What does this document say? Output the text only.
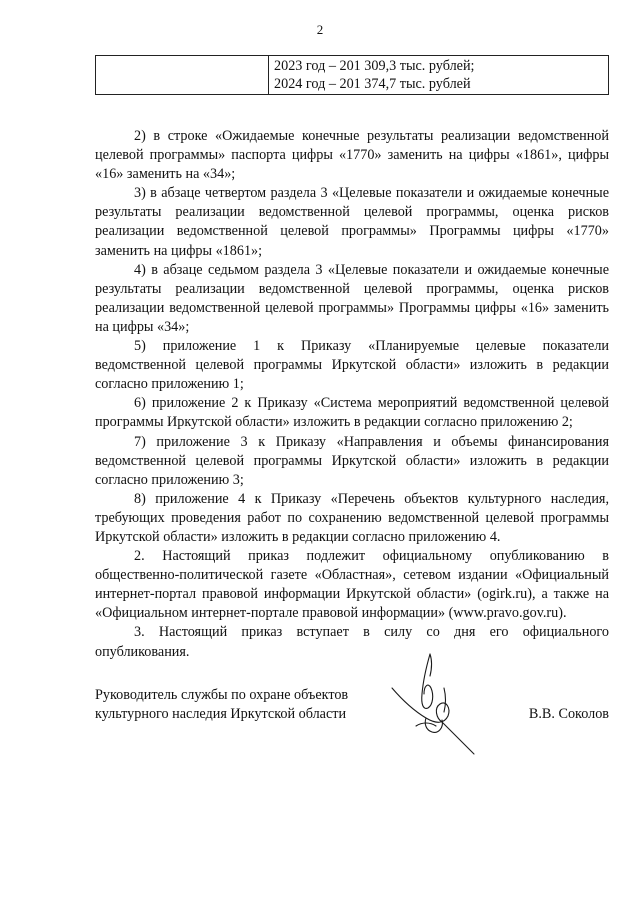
2

2023 год – 201 309,3 тыс. рублей;
2024 год – 201 374,7 тыс. рублей

2) в строке «Ожидаемые конечные результаты реализации ведомственной целевой программы» паспорта цифры «1770» заменить на цифры «1861», цифры «16» заменить на «34»;

3) в абзаце четвертом раздела 3 «Целевые показатели и ожидаемые конечные результаты реализации ведомственной целевой программы, оценка рисков реализации ведомственной целевой программы» Программы цифры «1770» заменить на цифры «1861»;

4) в абзаце седьмом раздела 3 «Целевые показатели и ожидаемые конечные результаты реализации ведомственной целевой программы, оценка рисков реализации ведомственной целевой программы» Программы цифры «16» заменить на цифры «34»;

5) приложение 1 к Приказу «Планируемые целевые показатели ведомственной целевой программы Иркутской области» изложить в редакции согласно приложению 1;

6) приложение 2 к Приказу «Система мероприятий ведомственной целевой программы Иркутской области» изложить в редакции согласно приложению 2;

7) приложение 3 к Приказу «Направления и объемы финансирования ведомственной целевой программы Иркутской области» изложить в редакции согласно приложению 3;

8) приложение 4 к Приказу «Перечень объектов культурного наследия, требующих проведения работ по сохранению ведомственной целевой программы Иркутской области» изложить в редакции согласно приложению 4.

2. Настоящий приказ подлежит официальному опубликованию в общественно-политической газете «Областная», сетевом издании «Официальный интернет-портал правовой информации Иркутской области» (ogirk.ru), а также на «Официальном интернет-портале правовой информации» (www.pravo.gov.ru).

3. Настоящий приказ вступает в силу со дня его официального опубликования.

Руководитель службы по охране объектов
культурного наследия Иркутской области	В.В. Соколов
